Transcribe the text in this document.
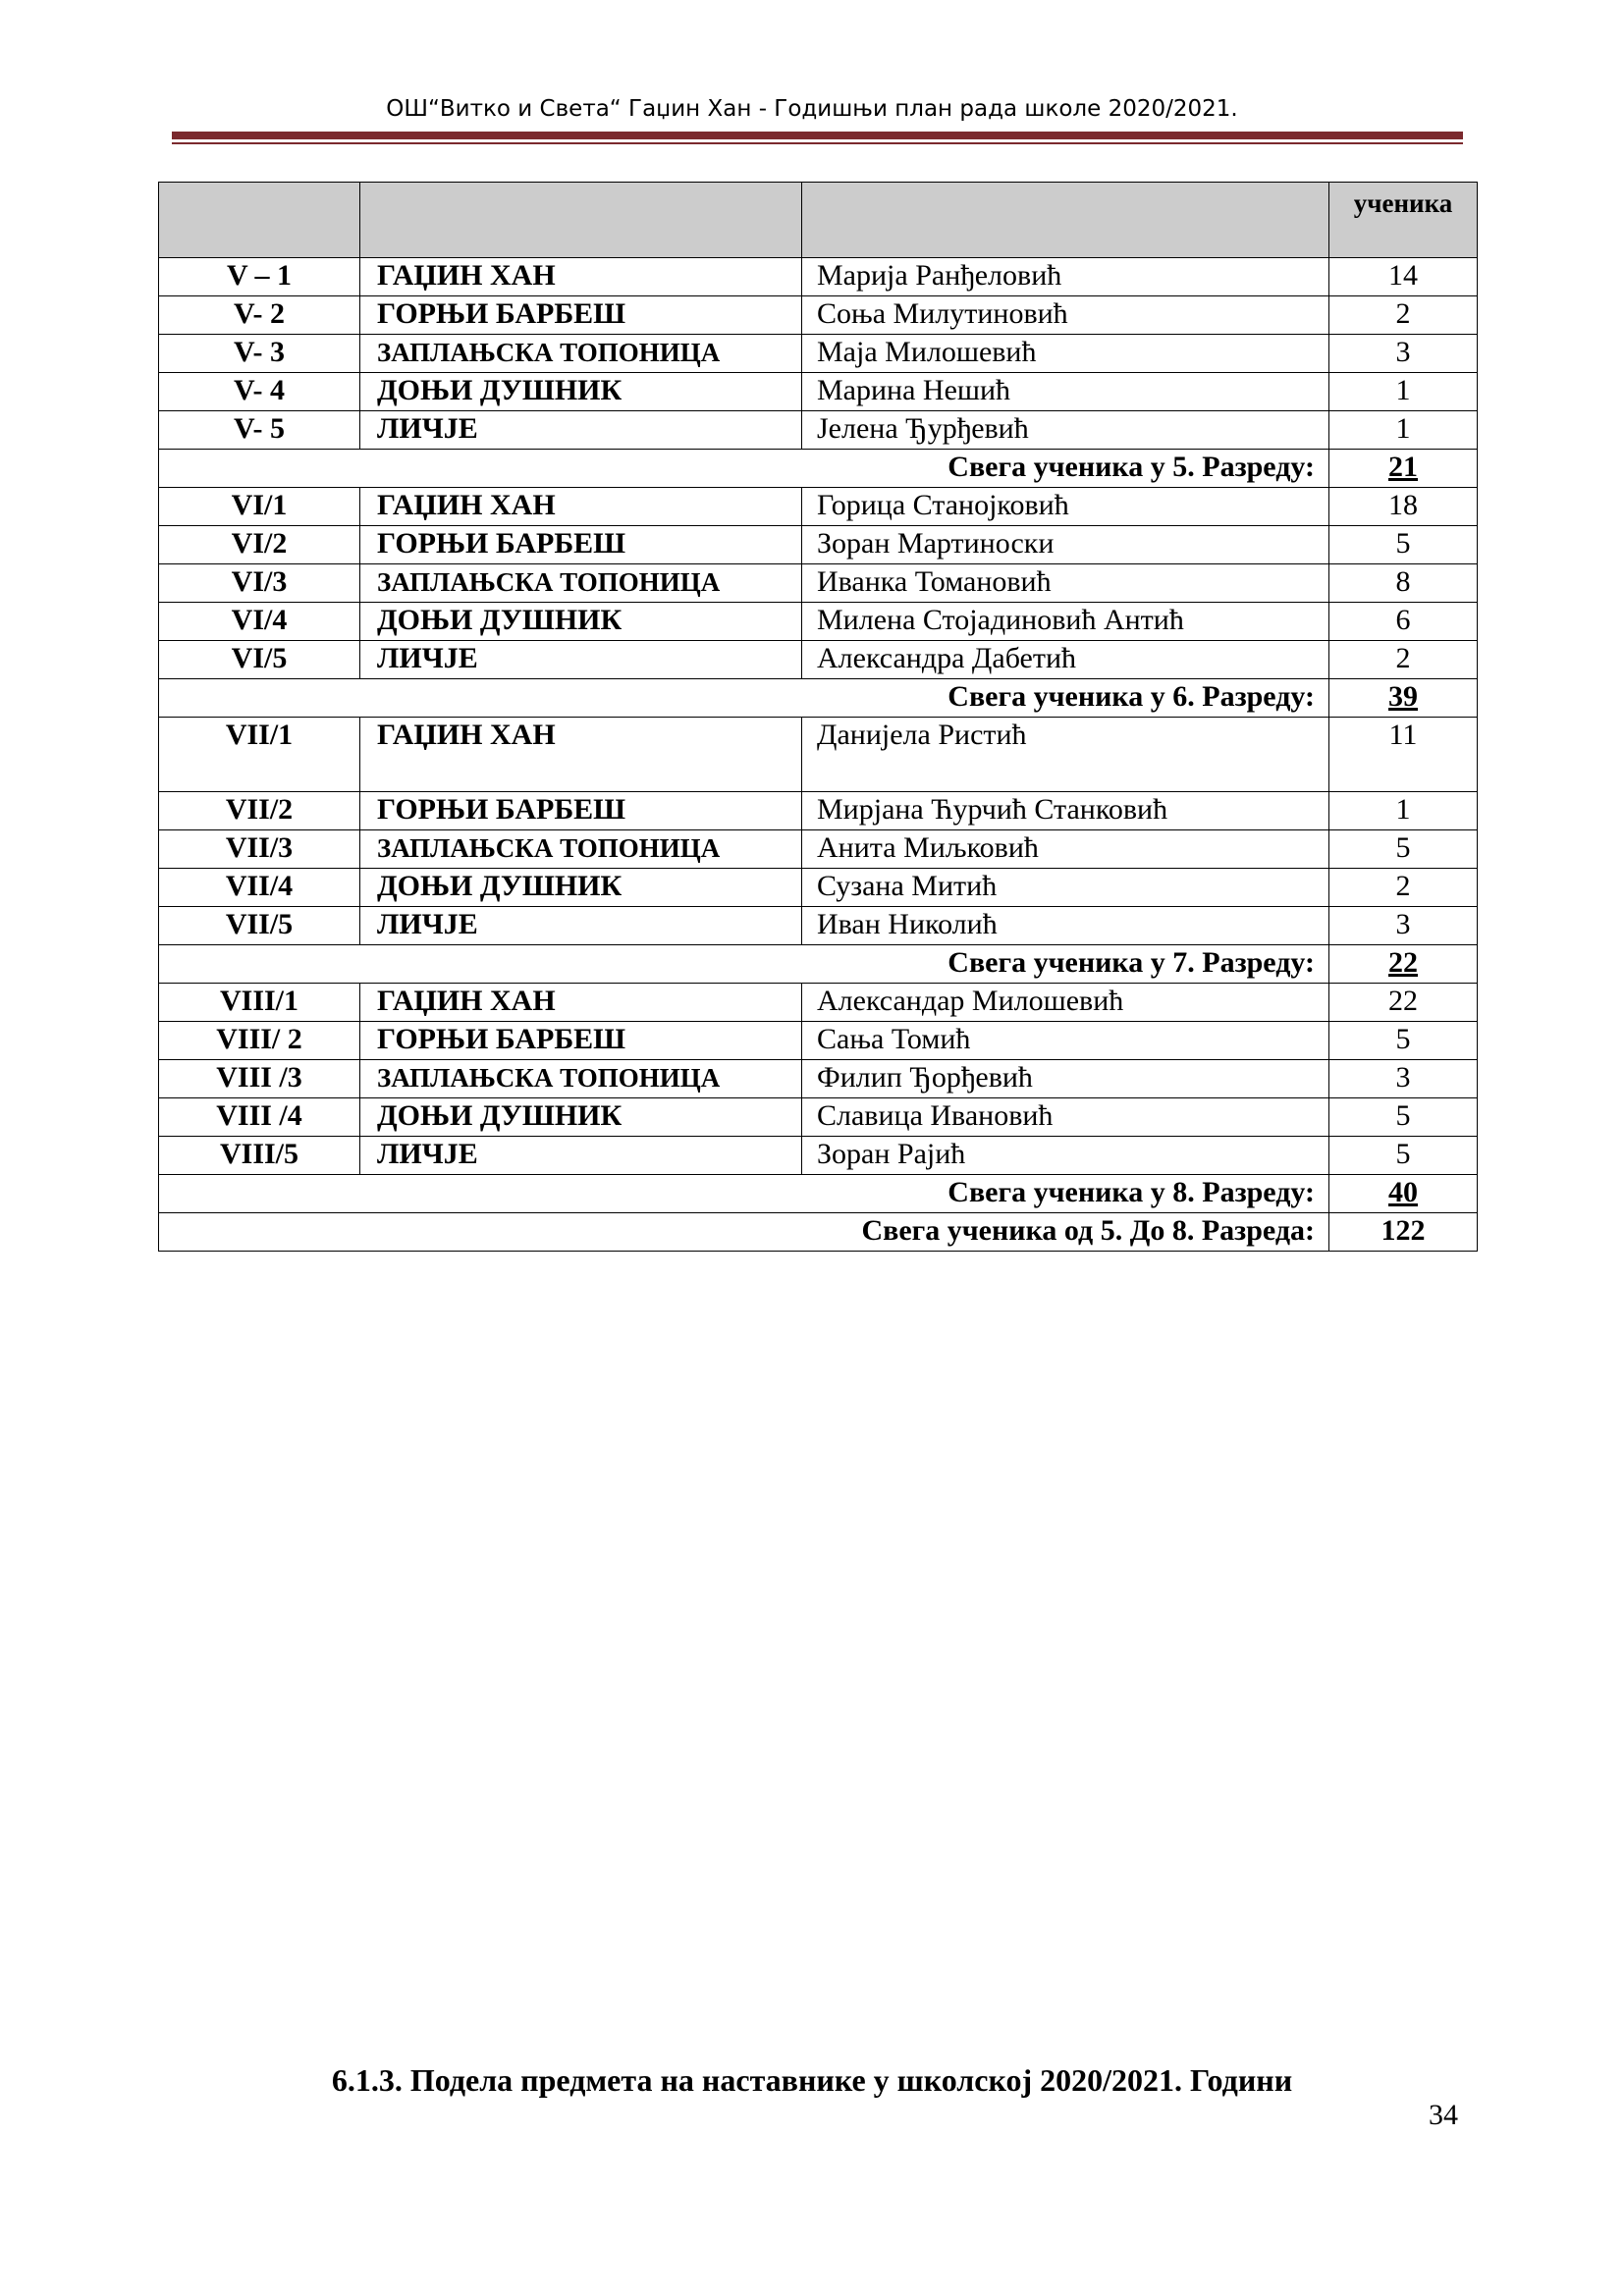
ОШ“Витко и Света“ Гаџин Хан - Годишњи план рада школе 2020/2021.
			ученика
V – 1	ГАЏИН ХАН	Марија Ранђеловић	14
V- 2	ГОРЊИ БАРБЕШ	Соња Милутиновић	2
V- 3	ЗАПЛАЊСКА ТОПОНИЦА	Маја Милошевић	3
V- 4	ДОЊИ ДУШНИК	Марина Нешић	1
V- 5	ЛИЧЈЕ	Јелена Ђурђевић	1
Свега ученика у 5. Разреду:			21
VI/1	ГАЏИН ХАН	Горица Станојковић	18
VI/2	ГОРЊИ БАРБЕШ	Зоран Мартиноски	5
VI/3	ЗАПЛАЊСКА ТОПОНИЦА	Иванка Томановић	8
VI/4	ДОЊИ ДУШНИК	Милена Стојадиновић Антић	6
VI/5	ЛИЧЈЕ	Александра Дабетић	2
Свега ученика у 6. Разреду:			39
VII/1	ГАЏИН ХАН	Данијела Ристић	11
VII/2	ГОРЊИ БАРБЕШ	Мирјана Ћурчић Станковић	1
VII/3	ЗАПЛАЊСКА ТОПОНИЦА	Анита Миљковић	5
VII/4	ДОЊИ ДУШНИК	Сузана Митић	2
VII/5	ЛИЧЈЕ	Иван Николић	3
Свега ученика у 7. Разреду:			22
VIII/1	ГАЏИН ХАН	Александар Милошевић	22
VIII/ 2	ГОРЊИ БАРБЕШ	Сања Томић	5
VIII /3	ЗАПЛАЊСКА ТОПОНИЦА	Филип Ђорђевић	3
VIII /4	ДОЊИ ДУШНИК	Славица Ивановић	5
VIII/5	ЛИЧЈЕ	Зоран Рајић	5
Свега ученика у 8. Разреду:			40
Свега ученика од 5. До 8. Разреда:			122
6.1.3. Подела предмета на наставнике у школској 2020/2021. Години
34
